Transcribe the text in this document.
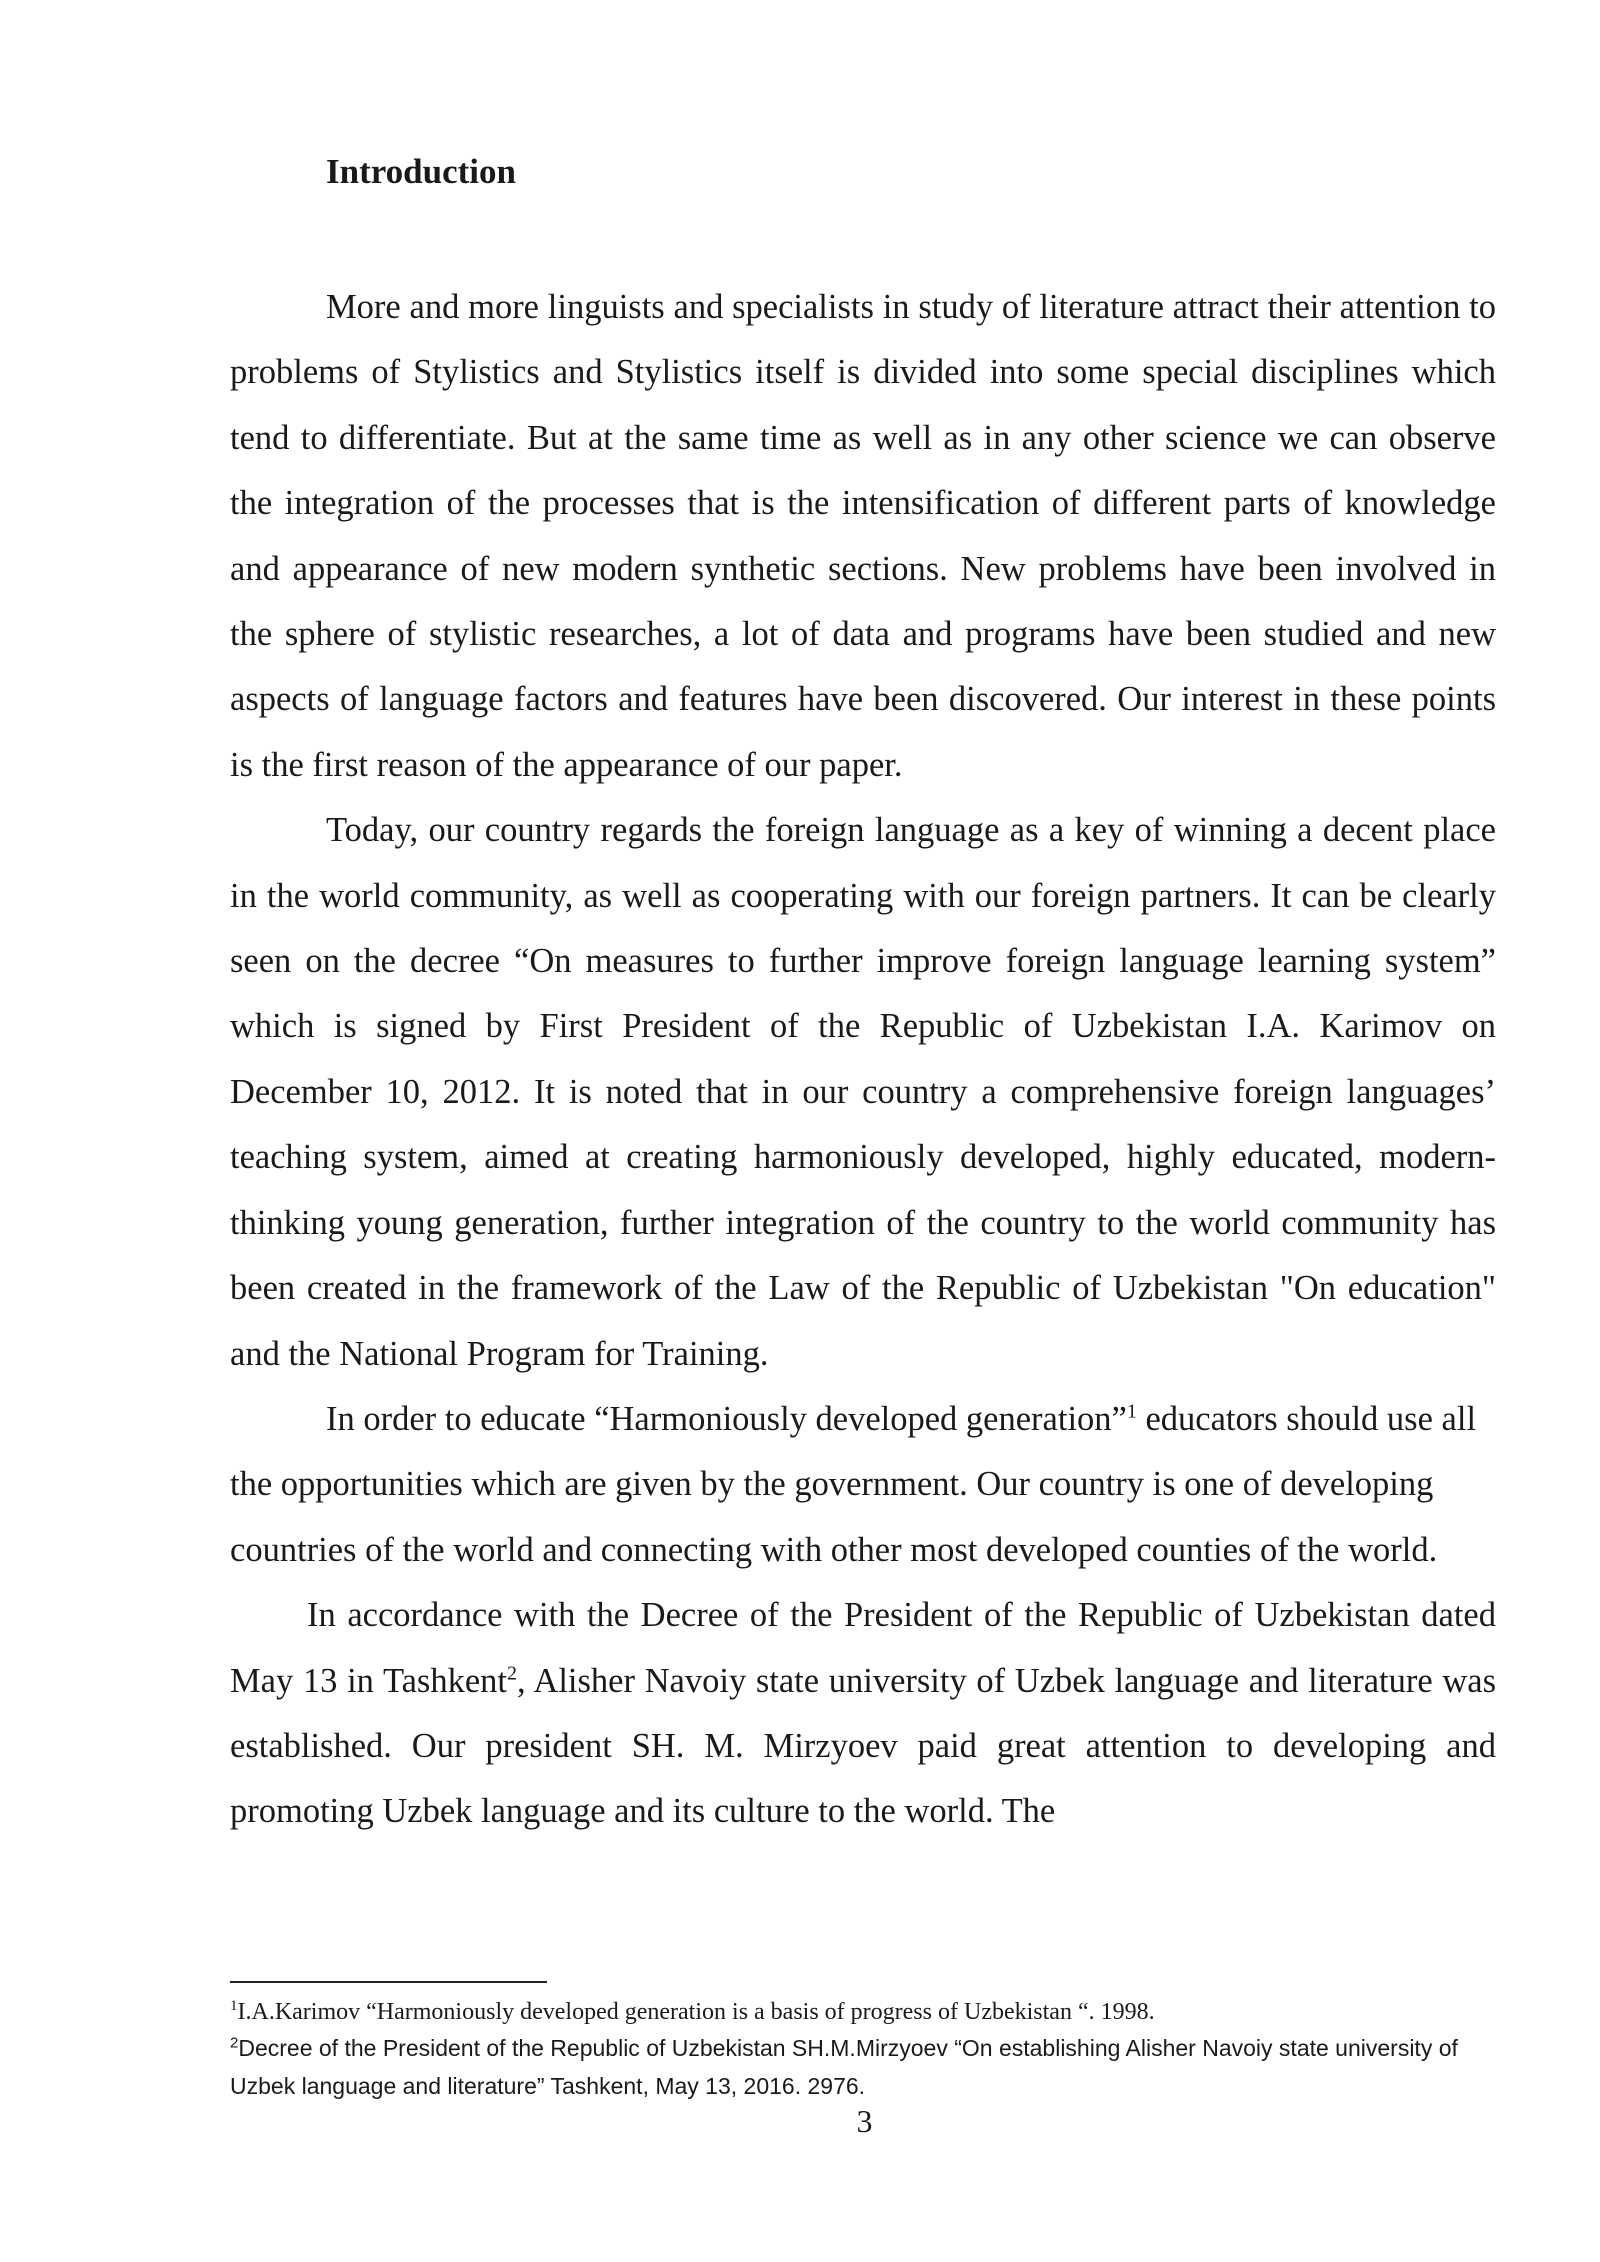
Introduction

More and more linguists and specialists in study of literature attract their attention to problems of Stylistics and Stylistics itself is divided into some special disciplines which tend to differentiate. But at the same time as well as in any other science we can observe the integration of the processes that is the intensification of different parts of knowledge and appearance of new modern synthetic sections. New problems have been involved in the sphere of stylistic researches, a lot of data and programs have been studied and new aspects of language factors and features have been discovered. Our interest in these points is the first reason of the appearance of our paper.

Today, our country regards the foreign language as a key of winning a decent place in the world community, as well as cooperating with our foreign partners. It can be clearly seen on the decree “On measures to further improve foreign language learning system” which is signed by First President of the Republic of Uzbekistan I.A. Karimov on December 10, 2012. It is noted that in our country a comprehensive foreign languages’ teaching system, aimed at creating harmoniously developed, highly educated, modern-thinking young generation, further integration of the country to the world community has been created in the framework of the Law of the Republic of Uzbekistan "On education" and the National Program for Training.

In order to educate “Harmoniously developed generation”$^1$ educators should use all the opportunities which are given by the government. Our country is one of developing countries of the world and connecting with other most developed counties of the world.

In accordance with the Decree of the President of the Republic of Uzbekistan dated May 13 in Tashkent$^2$, Alisher Navoiy state university of Uzbek language and literature was established. Our president SH. M. Mirzyoev paid great attention to developing and promoting Uzbek language and its culture to the world. The

$^1$I.A.Karimov “Harmoniously developed generation is a basis of progress of Uzbekistan “. 1998.

$^2$Decree of the President of the Republic of Uzbekistan SH.M.Mirzyoev “On establishing Alisher Navoiy state university of Uzbek language and literature” Tashkent, May 13, 2016. 2976.

3
